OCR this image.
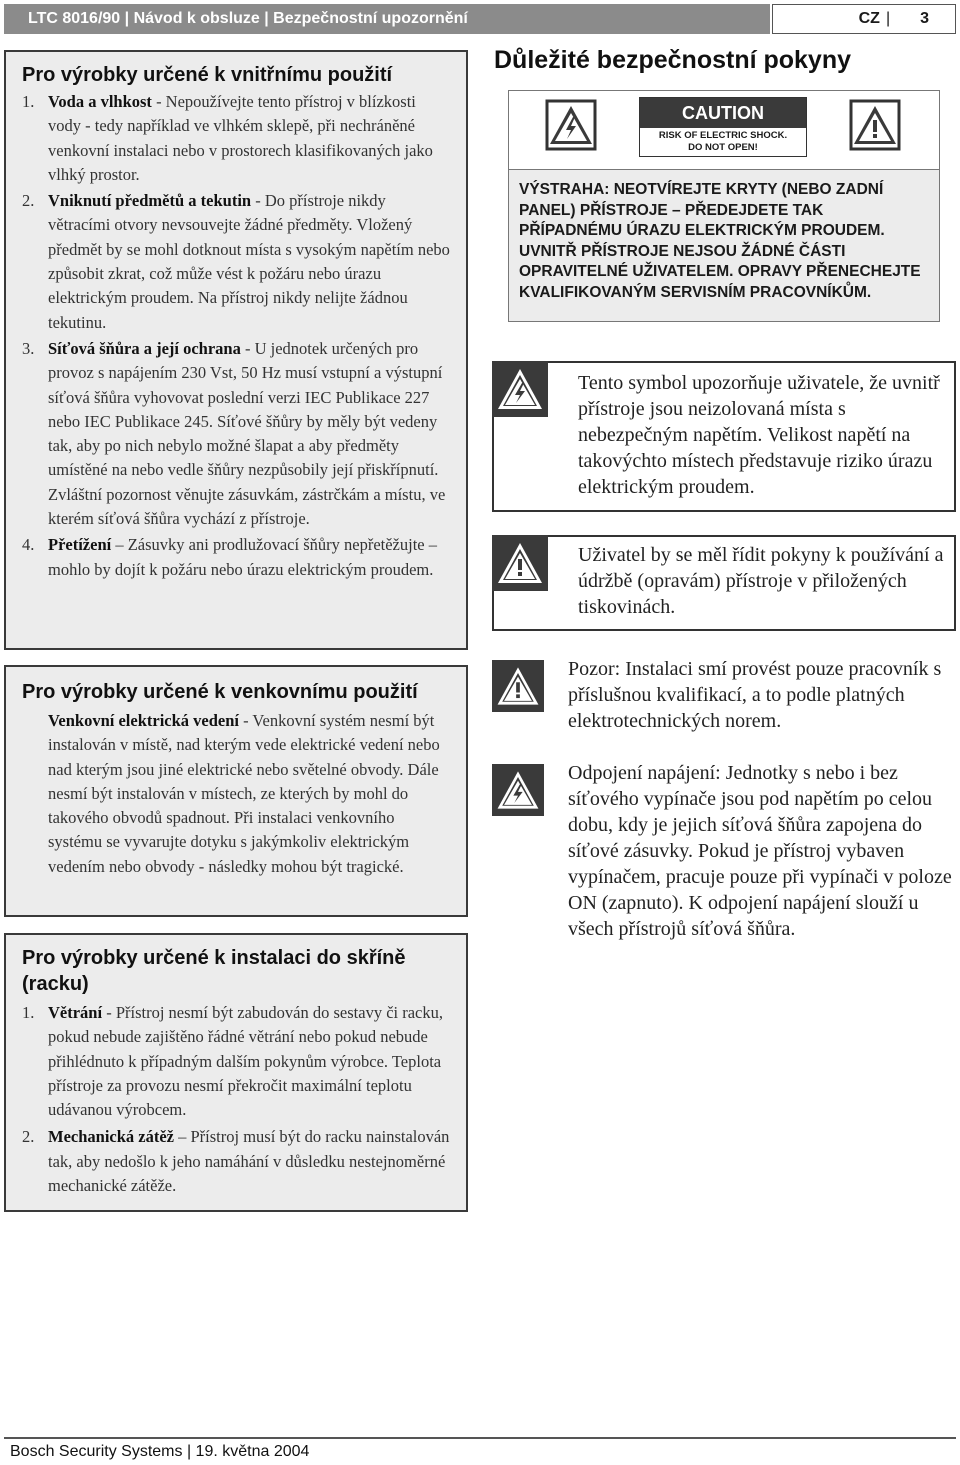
LTC 8016/90 | Návod k obsluze | Bezpečnostní upozornění	CZ | 3
Pro výrobky určené k vnitřnímu použití
1. Voda a vlhkost - Nepoužívejte tento přístroj v blízkosti vody - tedy například ve vlhkém sklepě, při nechráněné venkovní instalaci nebo v prostorech klasifikovaných jako vlhký prostor.
2. Vniknutí předmětů a tekutin - Do přístroje nikdy větracími otvory nevsouvejte žádné předměty. Vložený předmět by se mohl dotknout místa s vysokým napětím nebo způsobit zkrat, což může vést k požáru nebo úrazu elektrickým proudem. Na přístroj nikdy nelijte žádnou tekutinu.
3. Síťová šňůra a její ochrana - U jednotek určených pro provoz s napájením 230 Vst, 50 Hz musí vstupní a výstupní síťová šňůra vyhovovat poslední verzi IEC Publikace 227 nebo IEC Publikace 245. Síťové šňůry by měly být vedeny tak, aby po nich nebylo možné šlapat a aby předměty umístěné na nebo vedle šňůry nezpůsobily její přiskřípnutí. Zvláštní pozornost věnujte zásuvkám, zástrčkám a místu, ve kterém síťová šňůra vychází z přístroje.
4. Přetížení – Zásuvky ani prodlužovací šňůry nepřetěžujte – mohlo by dojít k požáru nebo úrazu elektrickým proudem.
Pro výrobky určené k venkovnímu použití
Venkovní elektrická vedení - Venkovní systém nesmí být instalován v místě, nad kterým vede elektrické vedení nebo nad kterým jsou jiné elektrické nebo světelné obvody. Dále nesmí být instalován v místech, ze kterých by mohl do takového obvodů spadnout. Při instalaci venkovního systému se vyvarujte dotyku s jakýmkoliv elektrickým vedením nebo obvody - následky mohou být tragické.
Pro výrobky určené k instalaci do skříně (racku)
1. Větrání - Přístroj nesmí být zabudován do sestavy či racku, pokud nebude zajištěno řádné větrání nebo pokud nebude přihlédnuto k případným dalším pokynům výrobce. Teplota přístroje za provozu nesmí překročit maximální teplotu udávanou výrobcem.
2. Mechanická zátěž – Přístroj musí být do racku nainstalován tak, aby nedošlo k jeho namáhání v důsledku nestejnoměrné mechanické zátěže.
Důležité bezpečnostní pokyny
CAUTION
RISK OF ELECTRIC SHOCK. DO NOT OPEN!
VÝSTRAHA: NEOTVÍREJTE KRYTY (NEBO ZADNÍ PANEL) PŘÍSTROJE – PŘEDEJDETE TAK PŘÍPADNÉMU ÚRAZU ELEKTRICKÝM PROUDEM. UVNITŘ PŘÍSTROJE NEJSOU ŽÁDNÉ ČÁSTI OPRAVITELNÉ UŽIVATELEM. OPRAVY PŘENECHEJTE KVALIFIKOVANÝM SERVISNÍM PRACOVNÍKŮM.
Tento symbol upozorňuje uživatele, že uvnitř přístroje jsou neizolovaná místa s nebezpečným napětím. Velikost napětí na takovýchto místech představuje riziko úrazu elektrickým proudem.
Uživatel by se měl řídit pokyny k používání a údržbě (opravám) přístroje v přiložených tiskovinách.
Pozor: Instalaci smí provést pouze pracovník s příslušnou kvalifikací, a to podle platných elektrotechnických norem.
Odpojení napájení: Jednotky s nebo i bez síťového vypínače jsou pod napětím po celou dobu, kdy je jejich síťová šňůra zapojena do síťové zásuvky. Pokud je přístroj vybaven vypínačem, pracuje pouze při vypínači v poloze ON (zapnuto). K odpojení napájení slouží u všech přístrojů síťová šňůra.
Bosch Security Systems | 19. května 2004
